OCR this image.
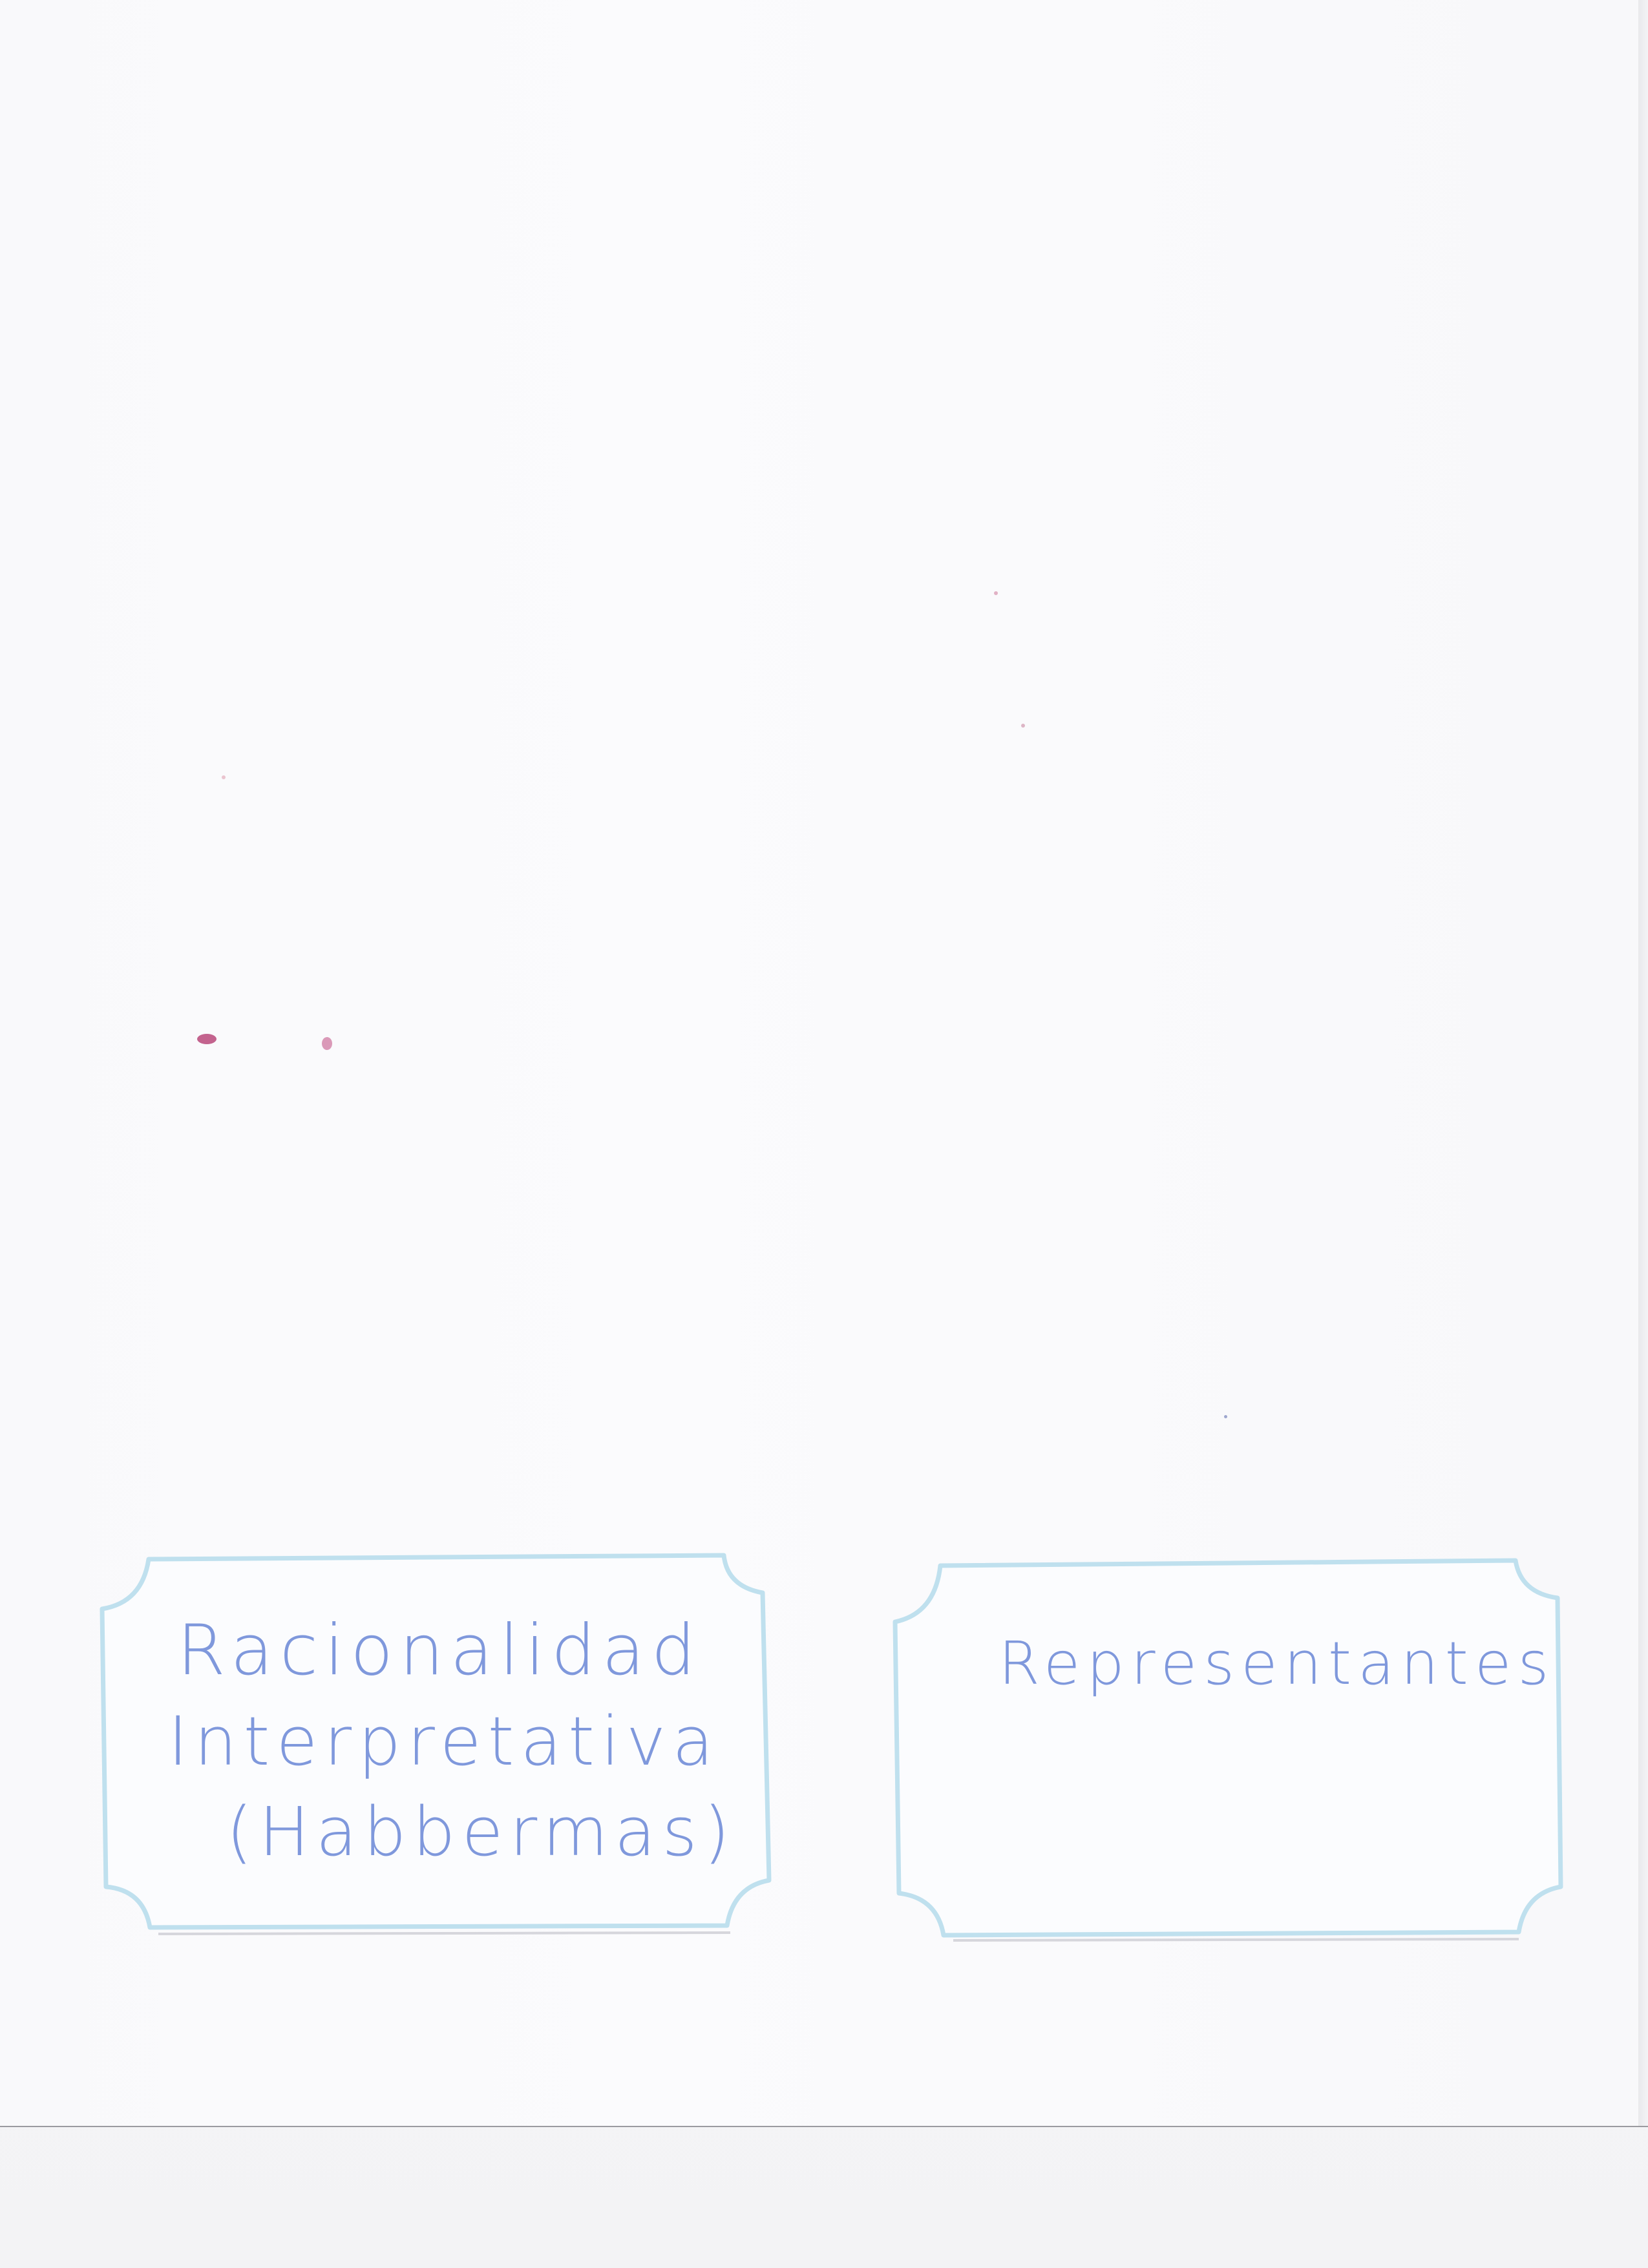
Racionalidad
Interpretativa
(Habbermas)
Representantes
